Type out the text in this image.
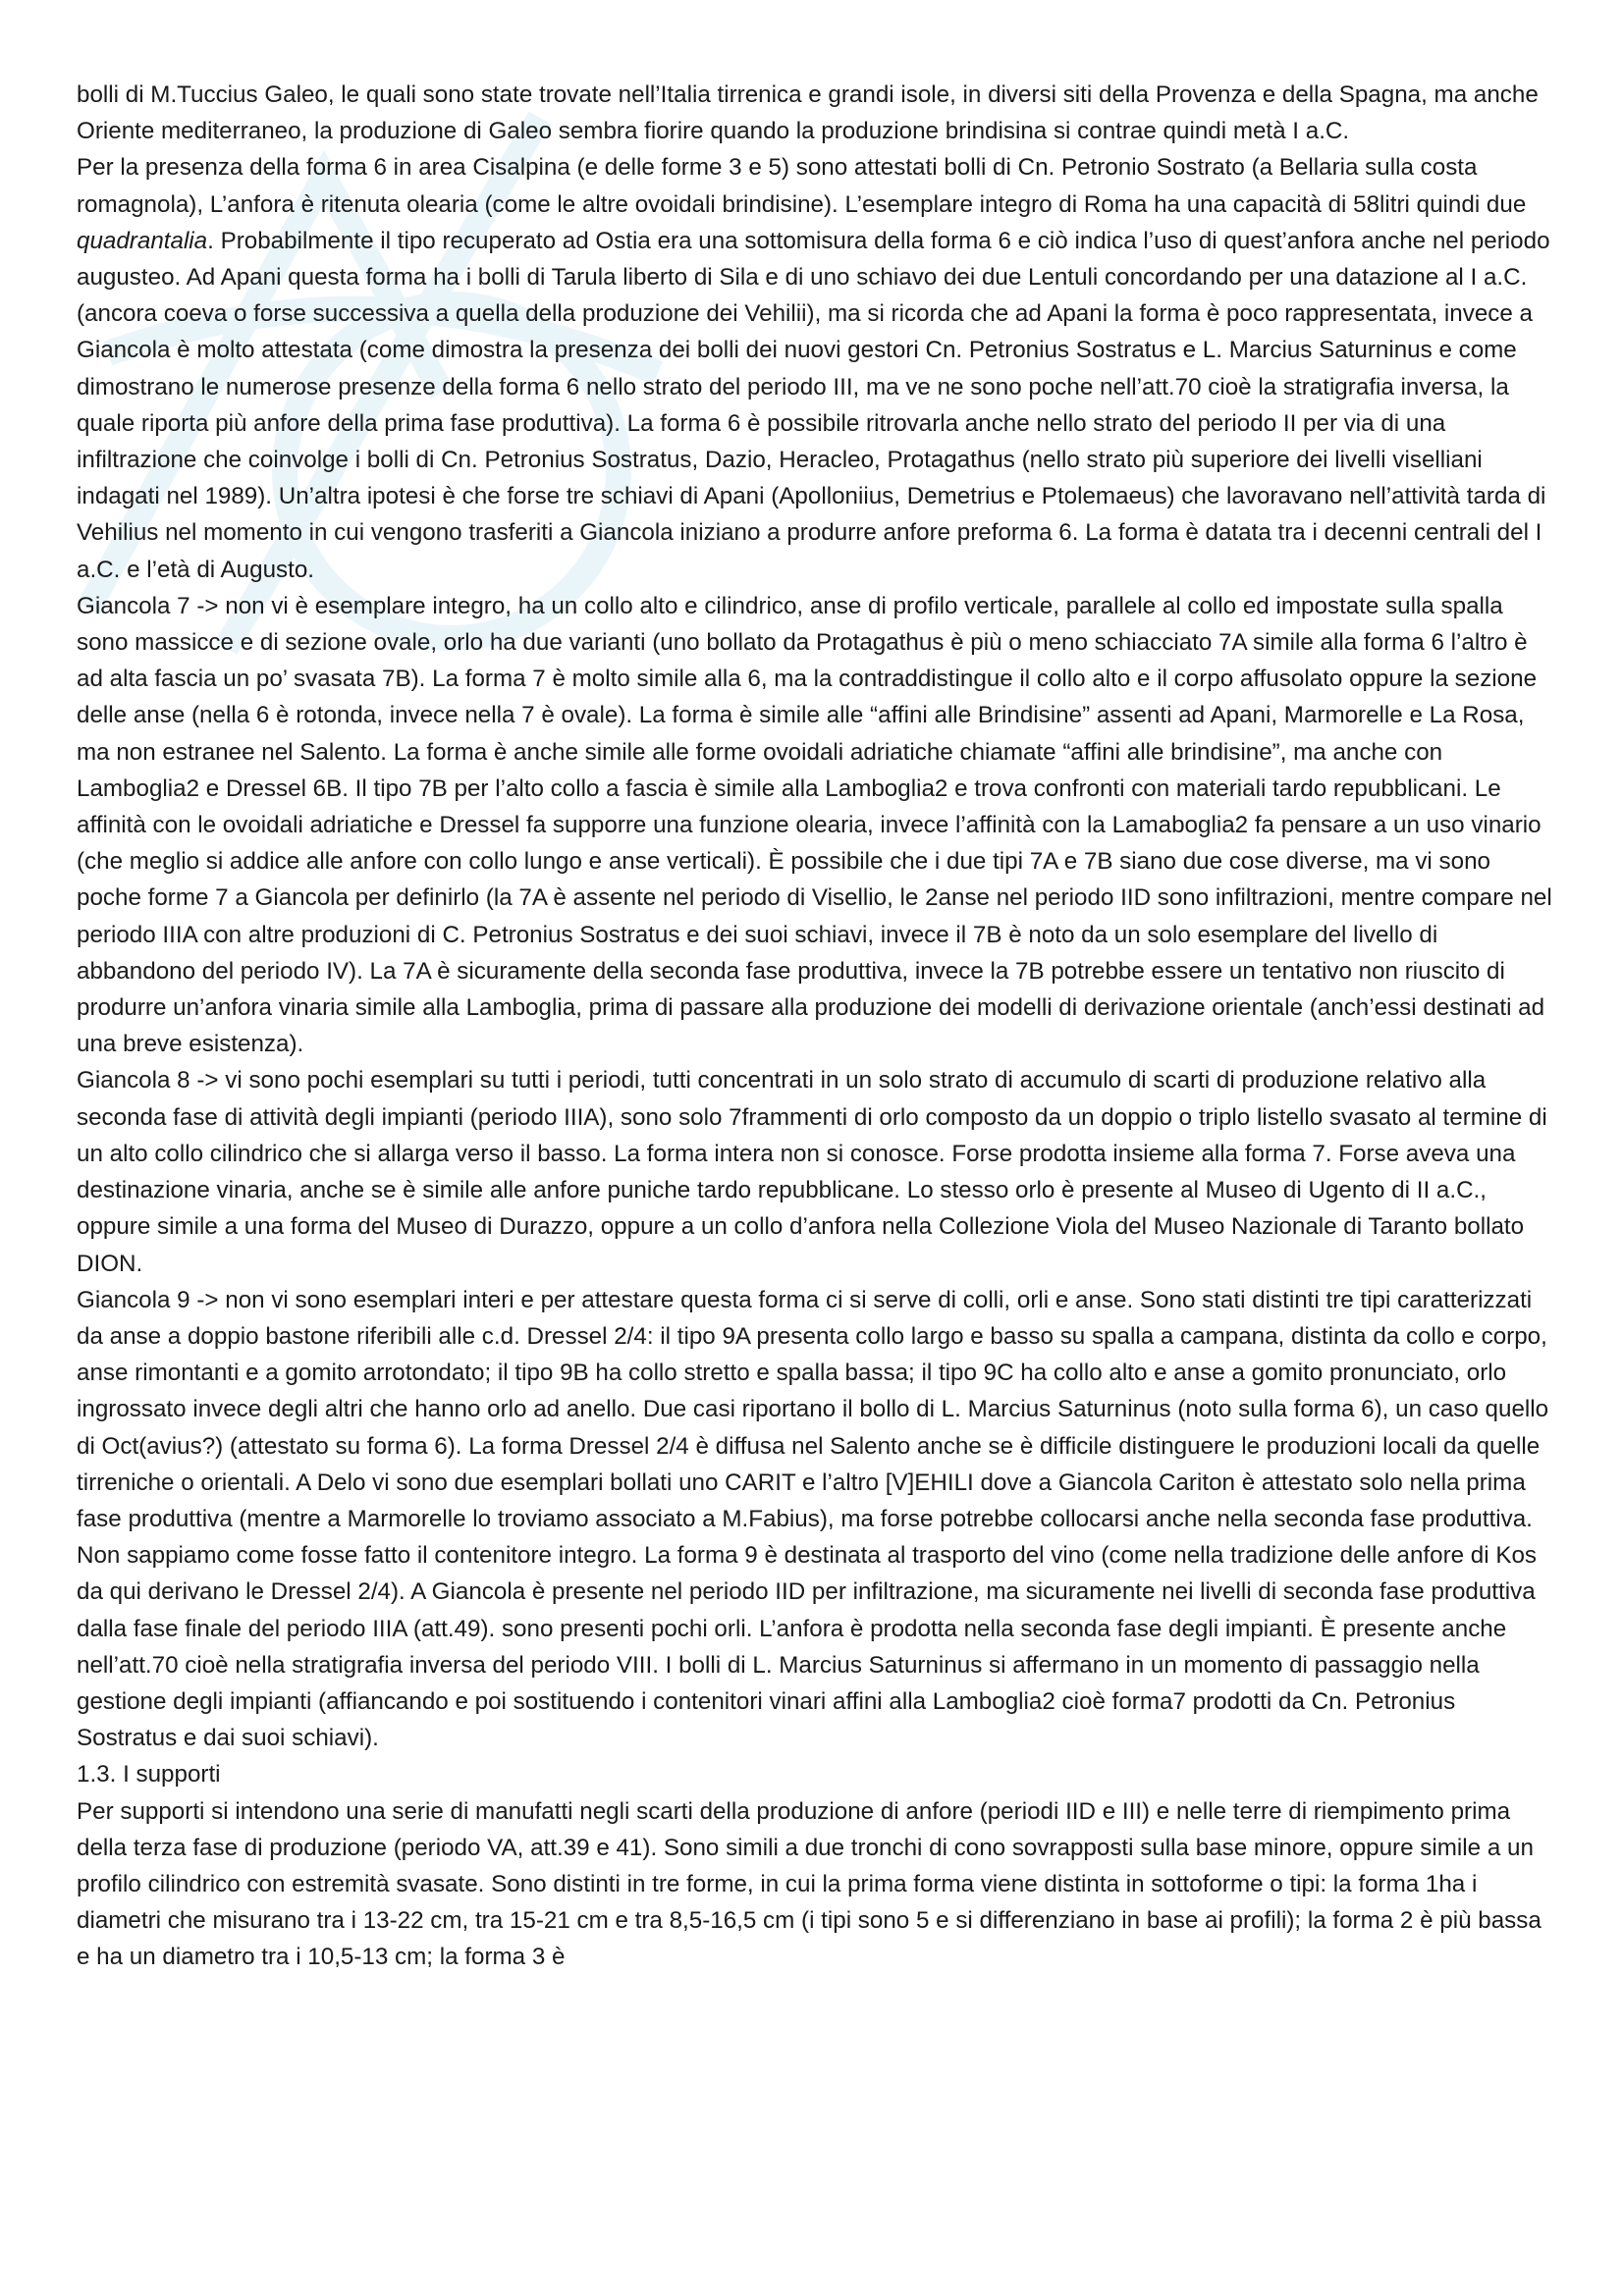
bolli di M.Tuccius Galeo, le quali sono state trovate nell’Italia tirrenica e grandi isole, in diversi siti della Provenza e della Spagna, ma anche Oriente mediterraneo, la produzione di Galeo sembra fiorire quando la produzione brindisina si contrae quindi metà I a.C.

Per la presenza della forma 6 in area Cisalpina (e delle forme 3 e 5) sono attestati bolli di Cn. Petronio Sostrato (a Bellaria sulla costa romagnola), L’anfora è ritenuta olearia (come le altre ovoidali brindisine). L’esemplare integro di Roma ha una capacità di 58litri quindi due quadrantalia. Probabilmente il tipo recuperato ad Ostia era una sottomisura della forma 6 e ciò indica l’uso di quest’anfora anche nel periodo augusteo. Ad Apani questa forma ha i bolli di Tarula liberto di Sila e di uno schiavo dei due Lentuli concordando per una datazione al I a.C. (ancora coeva o forse successiva a quella della produzione dei Vehilii), ma si ricorda che ad Apani la forma è poco rappresentata, invece a Giancola è molto attestata (come dimostra la presenza dei bolli dei nuovi gestori Cn. Petronius Sostratus e L. Marcius Saturninus e come dimostrano le numerose presenze della forma 6 nello strato del periodo III, ma ve ne sono poche nell’att.70 cioè la stratigrafia inversa, la quale riporta più anfore della prima fase produttiva). La forma 6 è possibile ritrovarla anche nello strato del periodo II per via di una infiltrazione che coinvolge i bolli di Cn. Petronius Sostratus, Dazio, Heracleo, Protagathus (nello strato più superiore dei livelli viselliani indagati nel 1989). Un’altra ipotesi è che forse tre schiavi di Apani (Apolloniius, Demetrius e Ptolemaeus) che lavoravano nell’attività tarda di Vehilius nel momento in cui vengono trasferiti a Giancola iniziano a produrre anfore preforma 6. La forma è datata tra i decenni centrali del I a.C. e l’età di Augusto.

Giancola 7 -> non vi è esemplare integro, ha un collo alto e cilindrico, anse di profilo verticale, parallele al collo ed impostate sulla spalla sono massicce e di sezione ovale, orlo ha due varianti (uno bollato da Protagathus è più o meno schiacciato 7A simile alla forma 6 l’altro è ad alta fascia un po’ svasata 7B). La forma 7 è molto simile alla 6, ma la contraddistingue il collo alto e il corpo affusolato oppure la sezione delle anse (nella 6 è rotonda, invece nella 7 è ovale). La forma è simile alle “affini alle Brindisine” assenti ad Apani, Marmorelle e La Rosa, ma non estranee nel Salento. La forma è anche simile alle forme ovoidali adriatiche chiamate “affini alle brindisine”, ma anche con Lamboglia2 e Dressel 6B. Il tipo 7B per l’alto collo a fascia è simile alla Lamboglia2 e trova confronti con materiali tardo repubblicani. Le affinità con le ovoidali adriatiche e Dressel fa supporre una funzione olearia, invece l’affinità con la Lamaboglia2 fa pensare a un uso vinario (che meglio si addice alle anfore con collo lungo e anse verticali). È possibile che i due tipi 7A e 7B siano due cose diverse, ma vi sono poche forme 7 a Giancola per definirlo (la 7A è assente nel periodo di Visellio, le 2anse nel periodo IID sono infiltrazioni, mentre compare nel periodo IIIA con altre produzioni di C. Petronius Sostratus e dei suoi schiavi, invece il 7B è noto da un solo esemplare del livello di abbandono del periodo IV). La 7A è sicuramente della seconda fase produttiva, invece la 7B potrebbe essere un tentativo non riuscito di produrre un’anfora vinaria simile alla Lamboglia, prima di passare alla produzione dei modelli di derivazione orientale (anch’essi destinati ad una breve esistenza).

Giancola 8 -> vi sono pochi esemplari su tutti i periodi, tutti concentrati in un solo strato di accumulo di scarti di produzione relativo alla seconda fase di attività degli impianti (periodo IIIA), sono solo 7frammenti di orlo composto da un doppio o triplo listello svasato al termine di un alto collo cilindrico che si allarga verso il basso. La forma intera non si conosce. Forse prodotta insieme alla forma 7. Forse aveva una destinazione vinaria, anche se è simile alle anfore puniche tardo repubblicane. Lo stesso orlo è presente al Museo di Ugento di II a.C., oppure simile a una forma del Museo di Durazzo, oppure a un collo d’anfora nella Collezione Viola del Museo Nazionale di Taranto bollato DION.

Giancola 9 -> non vi sono esemplari interi e per attestare questa forma ci si serve di colli, orli e anse. Sono stati distinti tre tipi caratterizzati da anse a doppio bastone riferibili alle c.d. Dressel 2/4: il tipo 9A presenta collo largo e basso su spalla a campana, distinta da collo e corpo, anse rimontanti e a gomito arrotondato; il tipo 9B ha collo stretto e spalla bassa; il tipo 9C ha collo alto e anse a gomito pronunciato, orlo ingrossato invece degli altri che hanno orlo ad anello. Due casi riportano il bollo di L. Marcius Saturninus (noto sulla forma 6), un caso quello di Oct(avius?) (attestato su forma 6). La forma Dressel 2/4 è diffusa nel Salento anche se è difficile distinguere le produzioni locali da quelle tirreniche o orientali. A Delo vi sono due esemplari bollati uno CARIT e l’altro [V]EHILI dove a Giancola Cariton è attestato solo nella prima fase produttiva (mentre a Marmorelle lo troviamo associato a M.Fabius), ma forse potrebbe collocarsi anche nella seconda fase produttiva. Non sappiamo come fosse fatto il contenitore integro. La forma 9 è destinata al trasporto del vino (come nella tradizione delle anfore di Kos da qui derivano le Dressel 2/4). A Giancola è presente nel periodo IID per infiltrazione, ma sicuramente nei livelli di seconda fase produttiva dalla fase finale del periodo IIIA (att.49). sono presenti pochi orli. L’anfora è prodotta nella seconda fase degli impianti. È presente anche nell’att.70 cioè nella stratigrafia inversa del periodo VIII. I bolli di L. Marcius Saturninus si affermano in un momento di passaggio nella gestione degli impianti (affiancando e poi sostituendo i contenitori vinari affini alla Lamboglia2 cioè forma7 prodotti da Cn. Petronius Sostratus e dai suoi schiavi).

1.3. I supporti

Per supporti si intendono una serie di manufatti negli scarti della produzione di anfore (periodi IID e III) e nelle terre di riempimento prima della terza fase di produzione (periodo VA, att.39 e 41). Sono simili a due tronchi di cono sovrapposti sulla base minore, oppure simile a un profilo cilindrico con estremità svasate. Sono distinti in tre forme, in cui la prima forma viene distinta in sottoforme o tipi: la forma 1ha i diametri che misurano tra i 13-22 cm, tra 15-21 cm e tra 8,5-16,5 cm (i tipi sono 5 e si differenziano in base ai profili); la forma 2 è più bassa e ha un diametro tra i 10,5-13 cm; la forma 3 è
